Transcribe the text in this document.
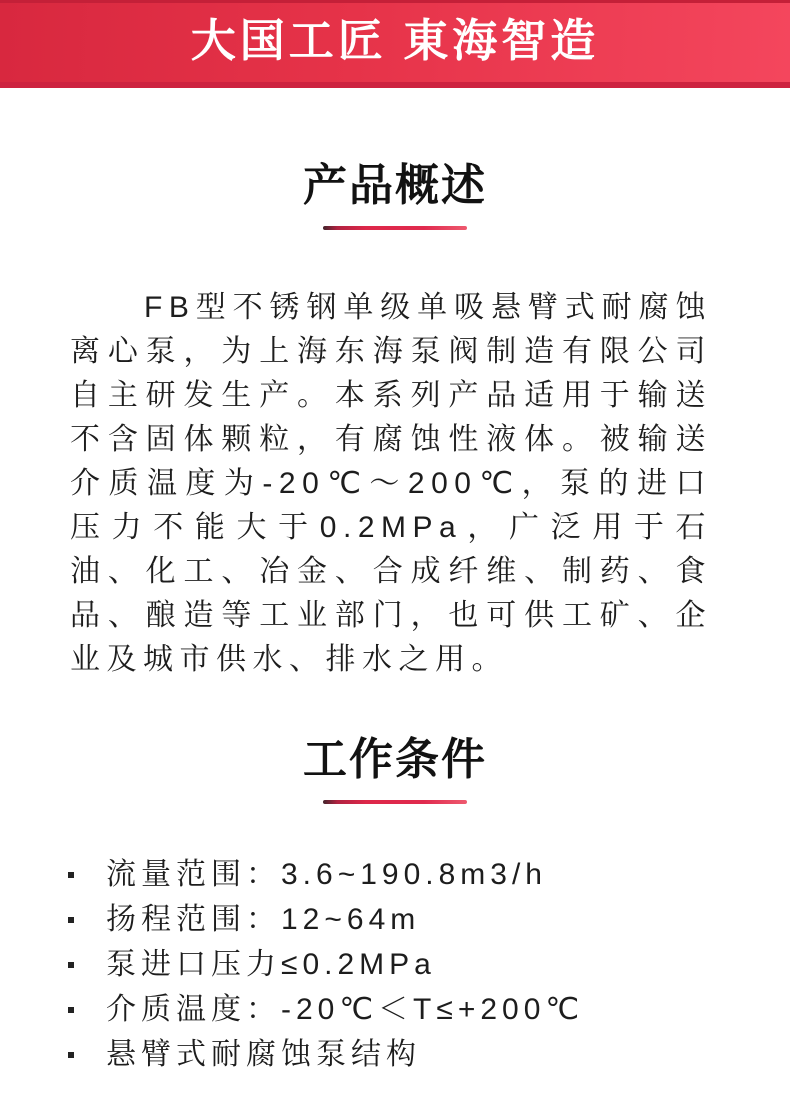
大国工匠 東海智造
产品概述

FB型不锈钢单级单吸悬臂式耐腐蚀离心泵，为上海东海泵阀制造有限公司自主研发生产。本系列产品适用于输送不含固体颗粒，有腐蚀性液体。被输送介质温度为-20℃～200℃，泵的进口压力不能大于0.2MPa，广泛用于石油、化工、冶金、合成纤维、制药、食品、酿造等工业部门，也可供工矿、企业及城市供水、排水之用。

工作条件
流量范围：3.6~190.8m3/h
扬程范围：12~64m
泵进口压力≤0.2MPa
介质温度：-20℃＜T≤+200℃
悬臂式耐腐蚀泵结构
